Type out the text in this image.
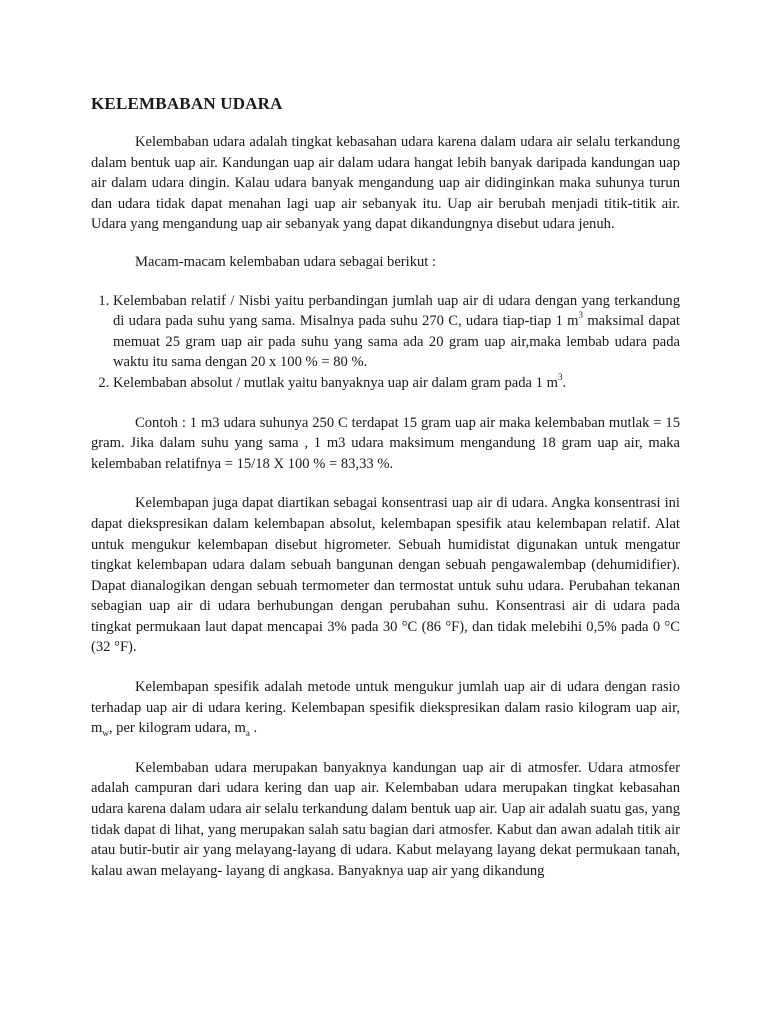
KELEMBABAN UDARA

Kelembaban udara adalah tingkat kebasahan udara karena dalam udara air selalu terkandung dalam bentuk uap air. Kandungan uap air dalam udara hangat lebih banyak daripada kandungan uap air dalam udara dingin. Kalau udara banyak mengandung uap air didinginkan maka suhunya turun dan udara tidak dapat menahan lagi uap air sebanyak itu. Uap air berubah menjadi titik-titik air. Udara yang mengandung uap air sebanyak yang dapat dikandungnya disebut udara jenuh.

Macam-macam kelembaban udara sebagai berikut :

1. Kelembaban relatif / Nisbi yaitu perbandingan jumlah uap air di udara dengan yang terkandung di udara pada suhu yang sama. Misalnya pada suhu 270 C, udara tiap-tiap 1 $m^3$ maksimal dapat memuat 25 gram uap air pada suhu yang sama ada 20 gram uap air,maka lembab udara pada waktu itu sama dengan 20 x 100 % = 80 %.
2. Kelembaban absolut / mutlak yaitu banyaknya uap air dalam gram pada 1 $m^3$.

Contoh : 1 m3 udara suhunya 250 C terdapat 15 gram uap air maka kelembaban mutlak = 15 gram. Jika dalam suhu yang sama , 1 m3 udara maksimum mengandung 18 gram uap air, maka kelembaban relatifnya = 15/18 X 100 % = 83,33 %.

Kelembapan juga dapat diartikan sebagai konsentrasi uap air di udara. Angka konsentrasi ini dapat diekspresikan dalam kelembapan absolut, kelembapan spesifik atau kelembapan relatif. Alat untuk mengukur kelembapan disebut higrometer. Sebuah humidistat digunakan untuk mengatur tingkat kelembapan udara dalam sebuah bangunan dengan sebuah pengawalembap (dehumidifier). Dapat dianalogikan dengan sebuah termometer dan termostat untuk suhu udara. Perubahan tekanan sebagian uap air di udara berhubungan dengan perubahan suhu. Konsentrasi air di udara pada tingkat permukaan laut dapat mencapai 3% pada 30 °C (86 °F), dan tidak melebihi 0,5% pada 0 °C (32 °F).

Kelembapan spesifik adalah metode untuk mengukur jumlah uap air di udara dengan rasio terhadap uap air di udara kering. Kelembapan spesifik diekspresikan dalam rasio kilogram uap air, $m_w$, per kilogram udara, $m_a$ .

Kelembaban udara merupakan banyaknya kandungan uap air di atmosfer. Udara atmosfer adalah campuran dari udara kering dan uap air. Kelembaban udara merupakan tingkat kebasahan udara karena dalam udara air selalu terkandung dalam bentuk uap air. Uap air adalah suatu gas, yang tidak dapat di lihat, yang merupakan salah satu bagian dari atmosfer. Kabut dan awan adalah titik air atau butir-butir air yang melayang-layang di udara. Kabut melayang layang dekat permukaan tanah, kalau awan melayang- layang di angkasa. Banyaknya uap air yang dikandung
